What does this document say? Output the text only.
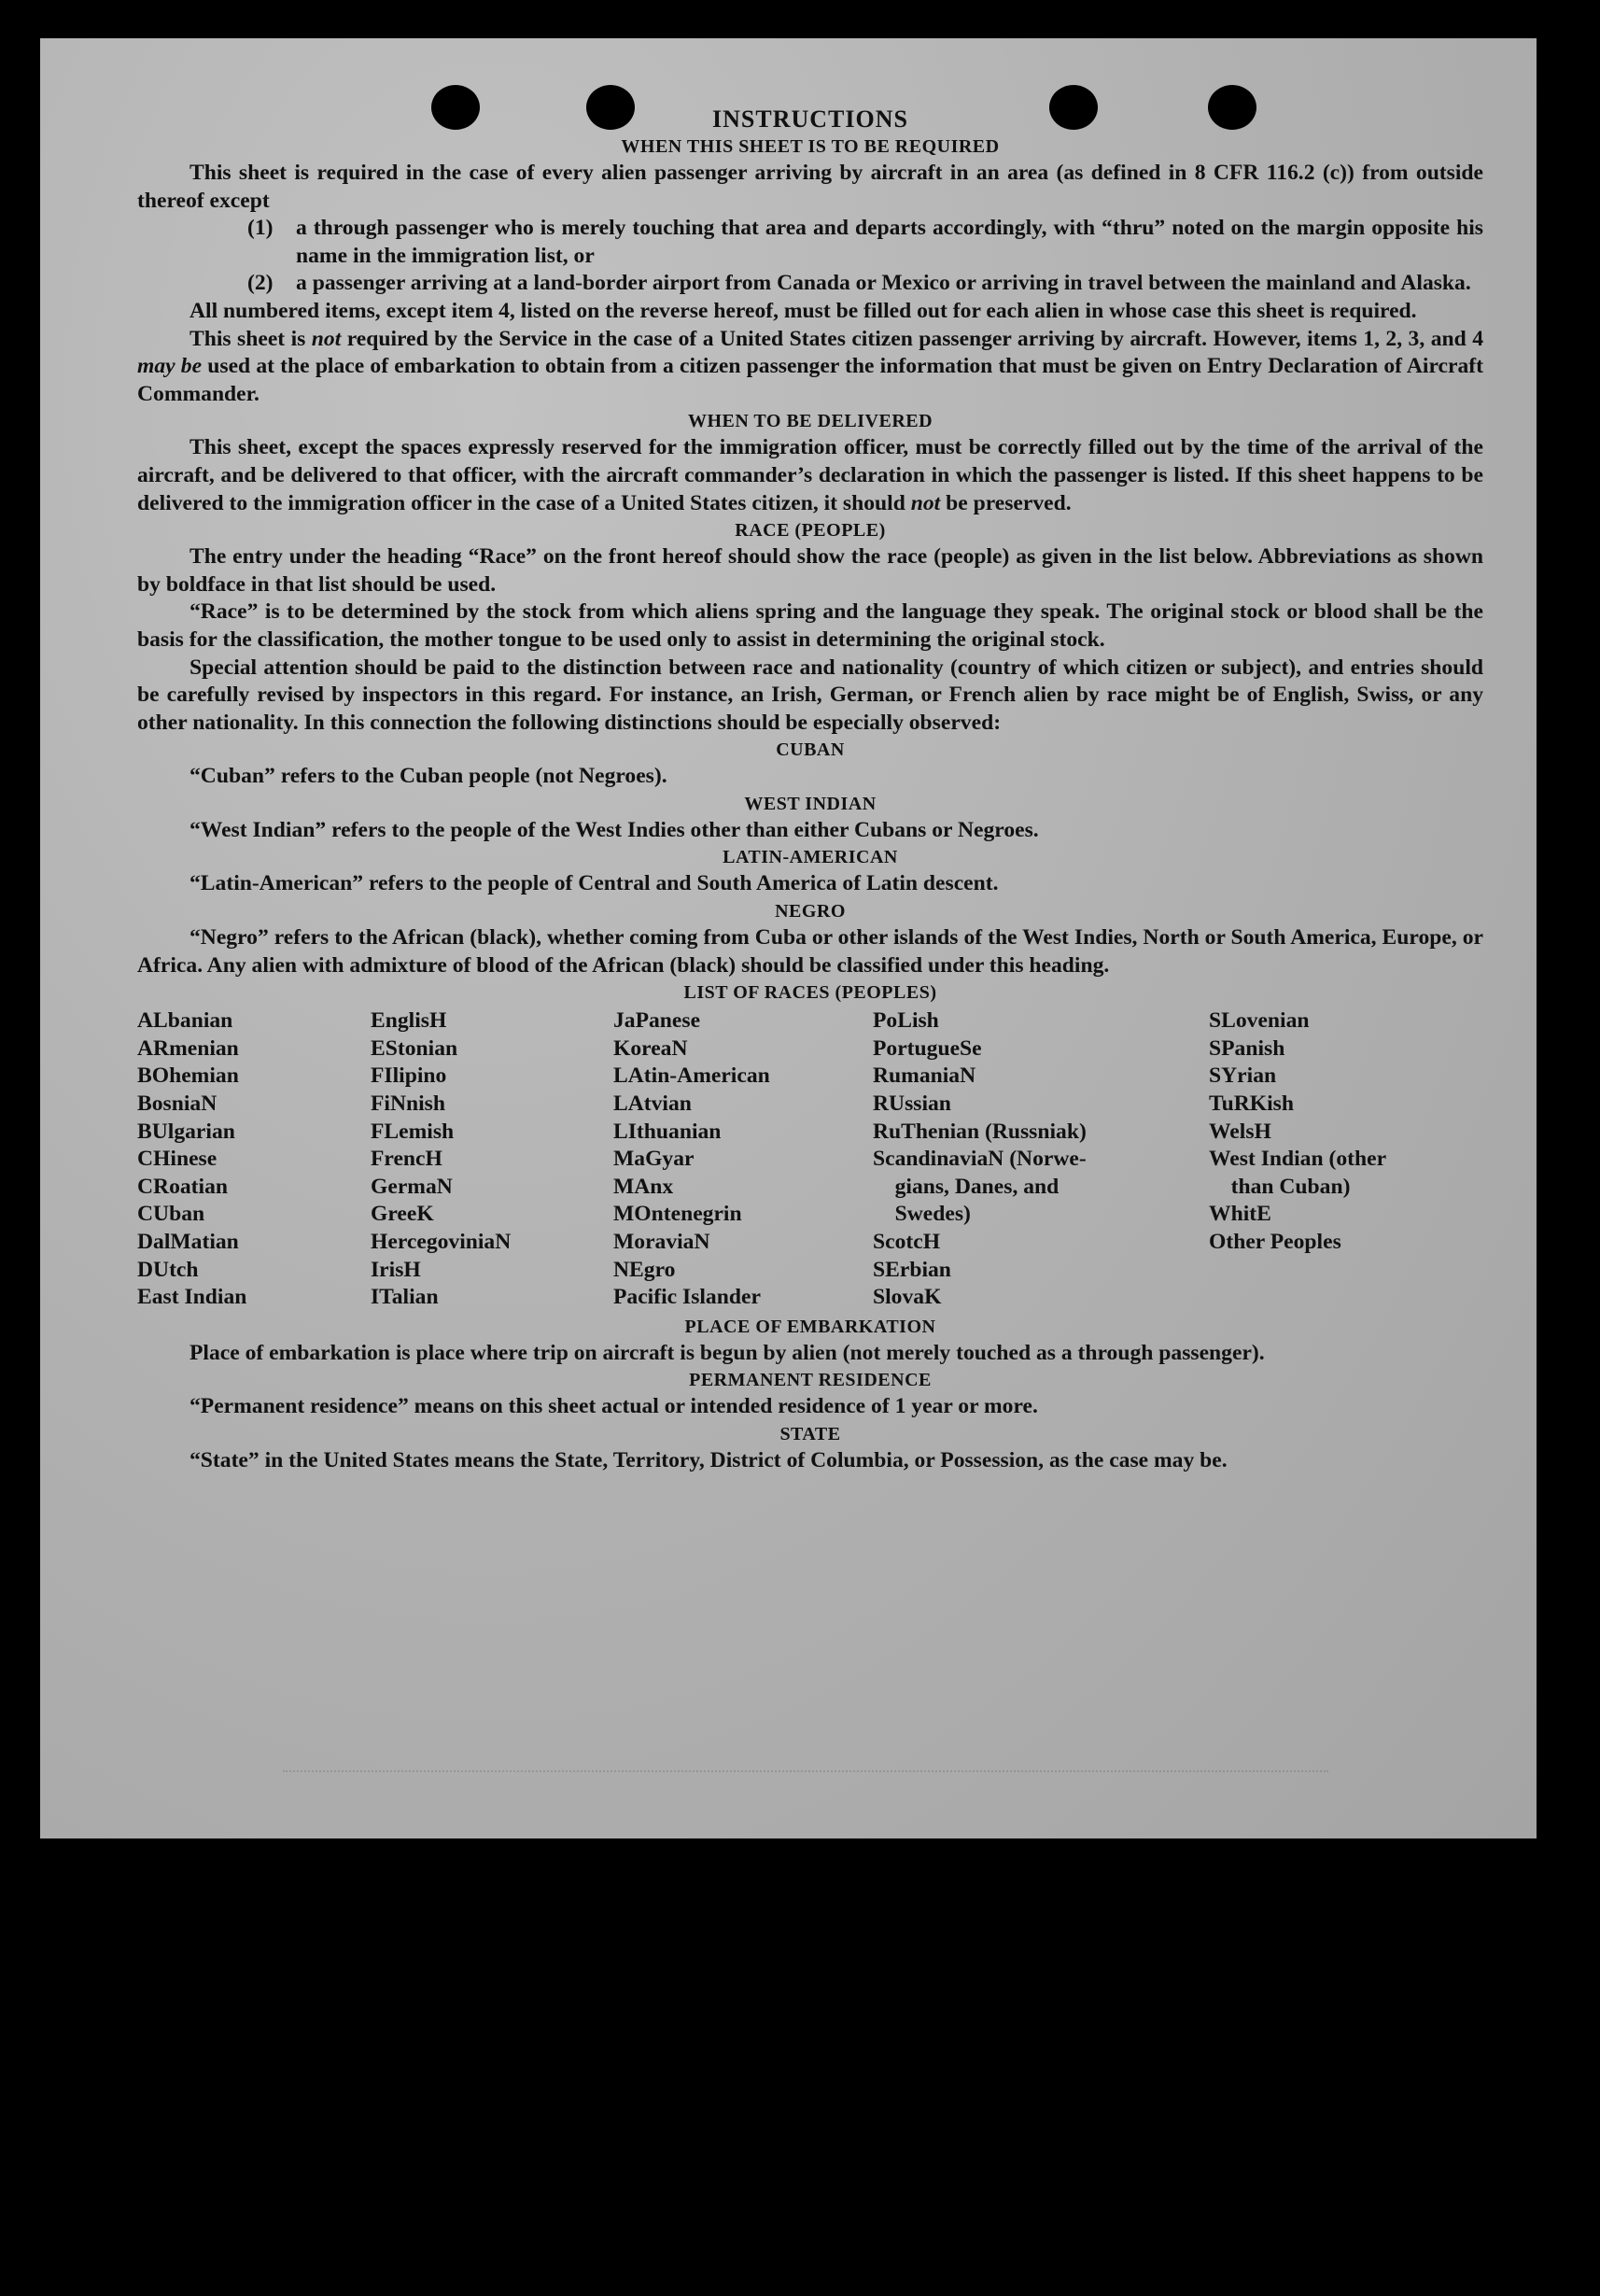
INSTRUCTIONS
WHEN THIS SHEET IS TO BE REQUIRED

This sheet is required in the case of every alien passenger arriving by aircraft in an area (as defined in 8 CFR 116.2 (c)) from outside thereof except

(1)	a through passenger who is merely touching that area and departs accordingly, with “thru” noted on the margin opposite his name in the immigration list, or
(2)	a passenger arriving at a land-border airport from Canada or Mexico or arriving in travel between the mainland and Alaska.

All numbered items, except item 4, listed on the reverse hereof, must be filled out for each alien in whose case this sheet is required.

This sheet is not required by the Service in the case of a United States citizen passenger arriving by aircraft. However, items 1, 2, 3, and 4 may be used at the place of embarkation to obtain from a citizen passenger the information that must be given on Entry Declaration of Aircraft Commander.

WHEN TO BE DELIVERED

This sheet, except the spaces expressly reserved for the immigration officer, must be correctly filled out by the time of the arrival of the aircraft, and be delivered to that officer, with the aircraft commander’s declaration in which the passenger is listed. If this sheet happens to be delivered to the immigration officer in the case of a United States citizen, it should not be preserved.

RACE (PEOPLE)

The entry under the heading “Race” on the front hereof should show the race (people) as given in the list below. Abbreviations as shown by boldface in that list should be used.

“Race” is to be determined by the stock from which aliens spring and the language they speak. The original stock or blood shall be the basis for the classification, the mother tongue to be used only to assist in determining the original stock.

Special attention should be paid to the distinction between race and nationality (country of which citizen or subject), and entries should be carefully revised by inspectors in this regard. For instance, an Irish, German, or French alien by race might be of English, Swiss, or any other nationality. In this connection the following distinctions should be especially observed:

CUBAN

“Cuban” refers to the Cuban people (not Negroes).

WEST INDIAN

“West Indian” refers to the people of the West Indies other than either Cubans or Negroes.

LATIN-AMERICAN

“Latin-American” refers to the people of Central and South America of Latin descent.

NEGRO

“Negro” refers to the African (black), whether coming from Cuba or other islands of the West Indies, North or South America, Europe, or Africa. Any alien with admixture of blood of the African (black) should be classified under this heading.

LIST OF RACES (PEOPLES)
ALbanian
ARmenian
BOhemian
BosniaN
BUlgarian
CHinese
CRoatian
CUban
DalMatian
DUtch
East Indian
EnglisH
EStonian
FIlipino
FiNnish
FLemish
FrencH
GermaN
GreeK
HercegoviniaN
IrisH
ITalian
JaPanese
KoreaN
LAtin-American
LAtvian
LIthuanian
MaGyar
MAnx
MOntenegrin
MoraviaN
NEgro
Pacific Islander
PoLish
PortugueSe
RumaniaN
RUssian
RuThenian (Russniak)
ScandinaviaN (Norwe-
 gians, Danes, and
 Swedes)
ScotcH
SErbian
SlovaK
SLovenian
SPanish
SYrian
TuRKish
WelsH
West Indian (other
 than Cuban)
WhitE
Other Peoples
PLACE OF EMBARKATION

Place of embarkation is place where trip on aircraft is begun by alien (not merely touched as a through passenger).

PERMANENT RESIDENCE

“Permanent residence” means on this sheet actual or intended residence of 1 year or more.

STATE

“State” in the United States means the State, Territory, District of Columbia, or Possession, as the case may be.
